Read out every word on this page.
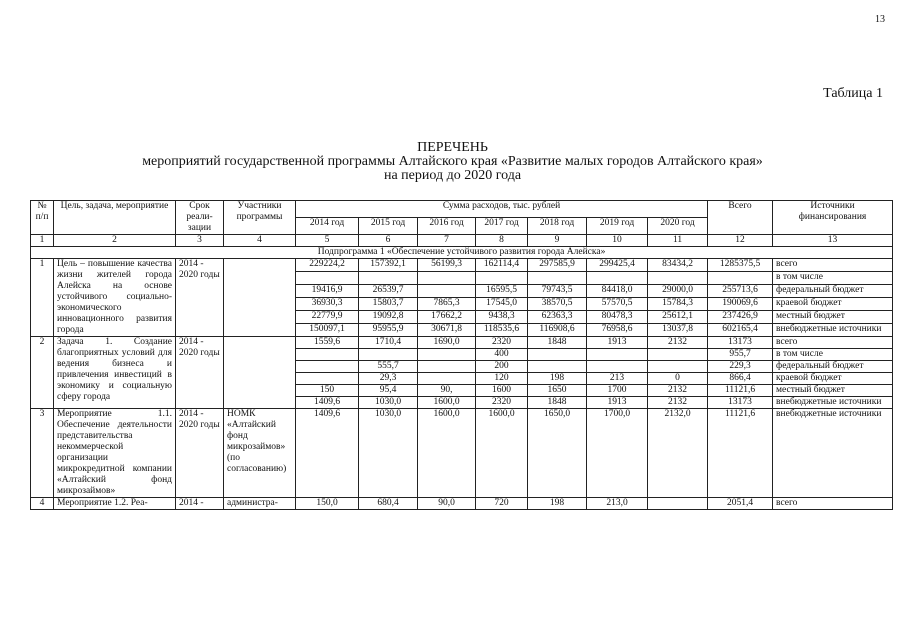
13
Таблица 1
ПЕРЕЧЕНЬ
мероприятий государственной программы Алтайского края «Развитие малых городов Алтайского края»
на период до 2020 года
№ п/п	Цель, задача, мероприятие	Срок реали-зации	Участники программы	Сумма расходов, тыс. рублей							Всего	Источники финансирования
				2014 год	2015 год	2016 год	2017 год	2018 год	2019 год	2020 год		
1	2	3	4	5	6	7	8	9	10	11	12	13
Подпрограмма 1 «Обеспечение устойчивого развития города Алейска»												
1	Цель – повышение качества жизни жителей города Алейска на основе устойчивого социально-экономического инновационного развития города	2014 - 2020 годы		229224,2	157392,1	56199,3	162114,4	297585,9	299425,4	83434,2	1285375,5	всего
												в том числе
				19416,9	26539,7		16595,5	79743,5	84418,0	29000,0	255713,6	федеральный бюджет
				36930,3	15803,7	7865,3	17545,0	38570,5	57570,5	15784,3	190069,6	краевой бюджет
				22779,9	19092,8	17662,2	9438,3	62363,3	80478,3	25612,1	237426,9	местный бюджет
				150097,1	95955,9	30671,8	118535,6	116908,6	76958,6	13037,8	602165,4	внебюджетные источники
2	Задача 1. Создание благоприятных условий для ведения бизнеса и привлечения инвестиций в экономику и социальную сферу города	2014 - 2020 годы		1559,6	1710,4	1690,0	2320	1848	1913	2132	13173	всего
							400				955,7	в том числе
					555,7		200				229,3	федеральный бюджет
					29,3		120	198	213	0	866,4	краевой бюджет
				150	95,4	90,	1600	1650	1700	2132	11121,6	местный бюджет
				1409,6	1030,0	1600,0	2320	1848	1913	2132	13173	внебюджетные источники
3	Мероприятие 1.1. Обеспечение деятельности представительства некоммерческой организации микрокредитной компании «Алтайский фонд микрозаймов»	2014 - 2020 годы	НОМК «Алтайский фонд микрозаймов» (по согласованию)	1409,6	1030,0	1600,0	1600,0	1650,0	1700,0	2132,0	11121,6	внебюджетные источники
4	Мероприятие 1.2. Реа-	2014 -	администра-	150,0	680,4	90,0	720	198	213,0		2051,4	всего
